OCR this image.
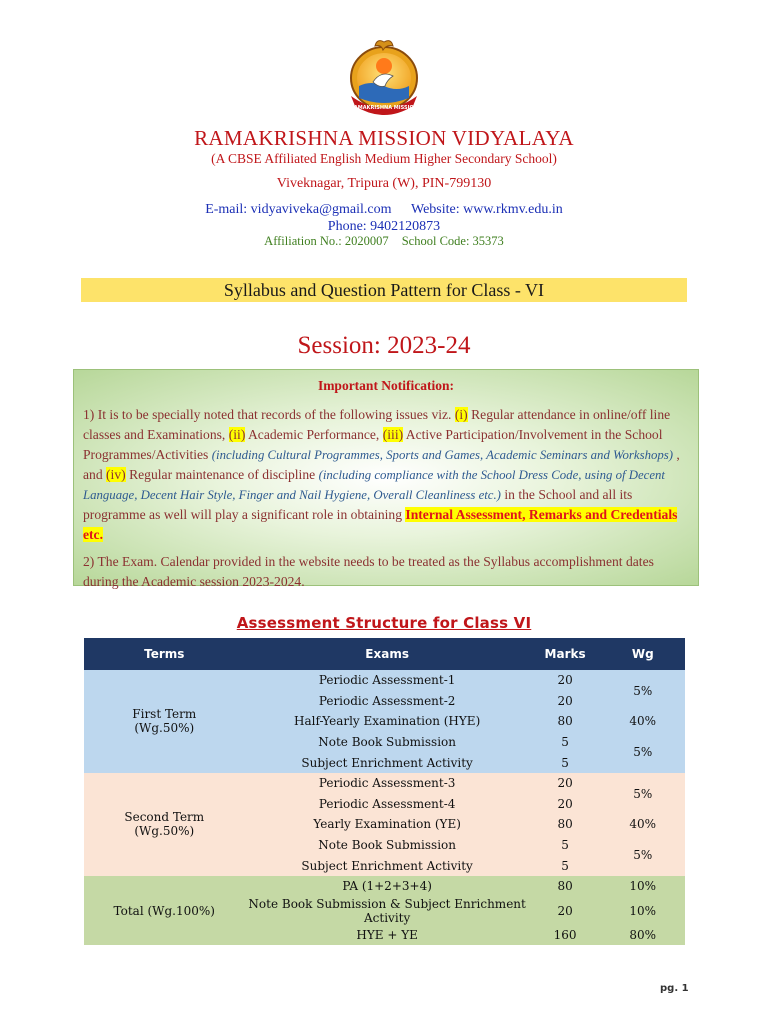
RAMAKRISHNA MISSION
RAMAKRISHNA MISSION VIDYALAYA
(A CBSE Affiliated English Medium Higher Secondary School)
Viveknagar, Tripura (W), PIN-799130
E-mail: vidyaviveka@gmail.com Website: www.rkmv.edu.in
Phone: 9402120873
Affiliation No.: 2020007 School Code: 35373
Syllabus and Question Pattern for Class - VI
Session: 2023-24
Important Notification:

1) It is to be specially noted that records of the following issues viz. (i) Regular attendance in online/off line classes and Examinations, (ii) Academic Performance, (iii) Active Participation/Involvement in the School Programmes/Activities (including Cultural Programmes, Sports and Games, Academic Seminars and Workshops) , and (iv) Regular maintenance of discipline (including compliance with the School Dress Code, using of Decent Language, Decent Hair Style, Finger and Nail Hygiene, Overall Cleanliness etc.) in the School and all its programme as well will play a significant role in obtaining Internal Assessment, Remarks and Credentials etc.

2) The Exam. Calendar provided in the website needs to be treated as the Syllabus accomplishment dates during the Academic session 2023-2024.

Assessment Structure for Class VI
Terms	Exams	Marks	Wg
First Term
(Wg.50%)	Periodic Assessment-1	20	5%
	Periodic Assessment-2	20	
	Half-Yearly Examination (HYE)	80	40%
	Note Book Submission	5	5%
	Subject Enrichment Activity	5	
Second Term
(Wg.50%)	Periodic Assessment-3	20	5%
	Periodic Assessment-4	20	
	Yearly Examination (YE)	80	40%
	Note Book Submission	5	5%
	Subject Enrichment Activity	5	
Total (Wg.100%)	PA (1+2+3+4)	80	10%
	Note Book Submission & Subject Enrichment Activity	20	10%
	HYE + YE	160	80%
pg. 1
